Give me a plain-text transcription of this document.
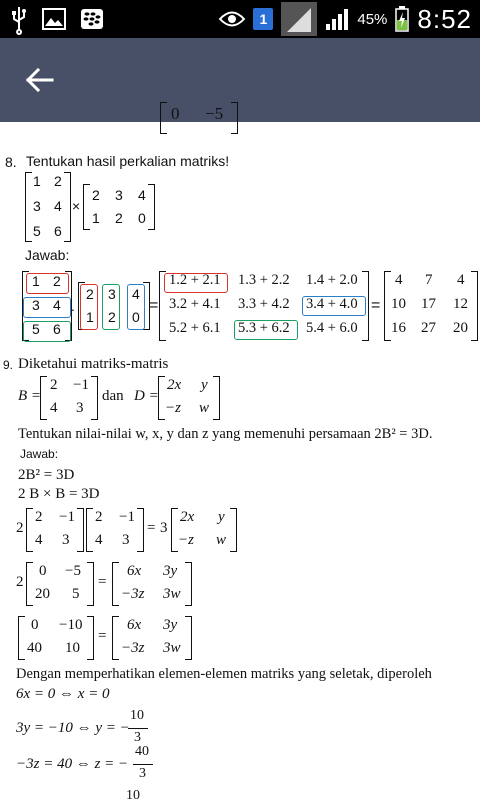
1	45% 8:52
0 −5
8. Tentukan hasil perkalian matriks!
1 2
3 4
5 6
×
2 3 4
1 2 0
Jawab:
1 2
3 4
5 6
.
2 3 4
1 2 0
=
1.2 + 2.1 1.3 + 2.2 1.4 + 2.0
3.2 + 4.1 3.3 + 4.2 3.4 + 4.0
5.2 + 6.1 5.3 + 6.2 5.4 + 6.0
=
4 7 4
10 17 12
16 27 20
9. Diketahui matriks-matris
B =
2 −1
4 3
dan D =
2x y
−z w
Tentukan nilai-nilai w, x, y dan z yang memenuhi persamaan 2B² = 3D.
Jawab:
2B² = 3D
2 B × B = 3D
2
2 −1
4 3
2 −1
4 3
= 3
2x y
−z w
2
0 −5
20 5
=
6x 3y
−3z 3w
0 −10
40 10
=
6x 3y
−3z 3w
Dengan memperhatikan elemen-elemen matriks yang seletak, diperoleh
6x = 0 ⇔ x = 0
3y = −10 ⇔ y = −
10
3
−3z = 40 ⇔ z = −
40
3
10
